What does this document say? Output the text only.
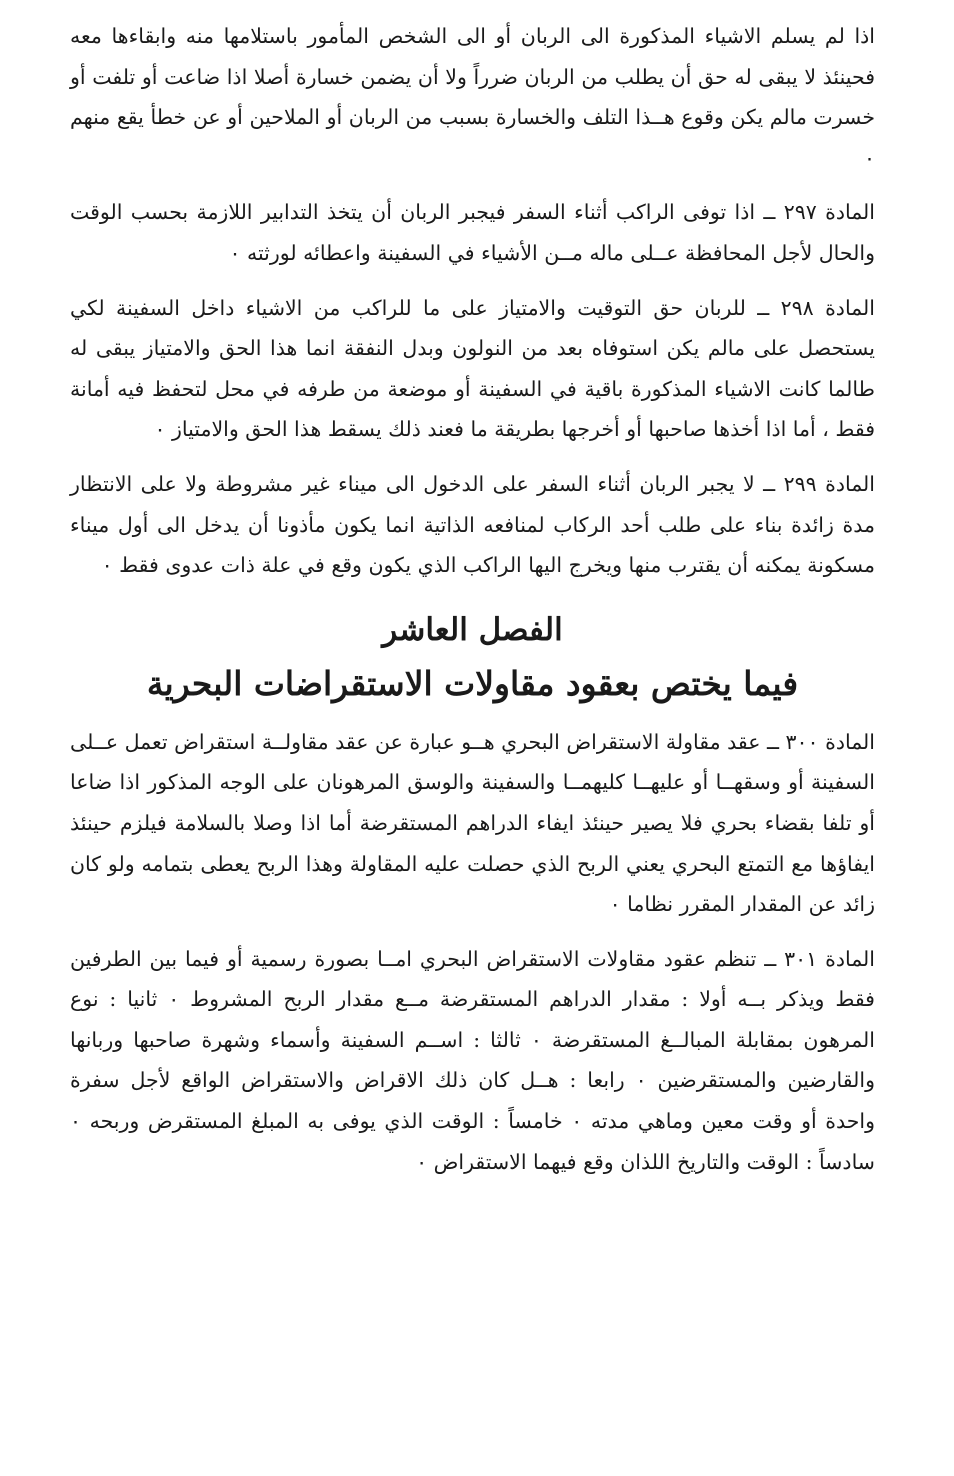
اذا لم يسلم الاشياء المذكورة الى الربان أو الى الشخص المأمور باستلامها منه وابقاءها معه فحينئذ لا يبقى له حق أن يطلب من الربان ضرراً ولا أن يضمن خسارة أصلا اذا ضاعت أو تلفت أو خسرت مالم يكن وقوع هــذا التلف والخسارة بسبب من الربان أو الملاحين أو عن خطأ يقع منهم ٠

المادة ٢٩٧ ــ اذا توفى الراكب أثناء السفر فيجبر الربان أن يتخذ التدابير اللازمة بحسب الوقت والحال لأجل المحافظة عــلى ماله مــن الأشياء في السفينة واعطائه لورثته ٠

المادة ٢٩٨ ــ للربان حق التوقيت والامتياز على ما للراكب من الاشياء داخل السفينة لكي يستحصل على مالم يكن استوفاه بعد من النولون وبدل النفقة انما هذا الحق والامتياز يبقى له طالما كانت الاشياء المذكورة باقية في السفينة أو موضعة من طرفه في محل لتحفظ فيه أمانة فقط ، أما اذا أخذها صاحبها أو أخرجها بطريقة ما فعند ذلك يسقط هذا الحق والامتياز ٠

المادة ٢٩٩ ــ لا يجبر الربان أثناء السفر على الدخول الى ميناء غير مشروطة ولا على الانتظار مدة زائدة بناء على طلب أحد الركاب لمنافعه الذاتية انما يكون مأذونا أن يدخل الى أول ميناء مسكونة يمكنه أن يقترب منها ويخرج اليها الراكب الذي يكون وقع في علة ذات عدوى فقط ٠

الفصل العاشر
فيما يختص بعقود مقاولات الاستقراضات البحرية

المادة ٣٠٠ ــ عقد مقاولة الاستقراض البحري هــو عبارة عن عقد مقاولــة استقراض تعمل عــلى السفينة أو وسقهــا أو عليهــا كليهمــا والسفينة والوسق المرهونان على الوجه المذكور اذا ضاعا أو تلفا بقضاء بحري فلا يصير حينئذ ايفاء الدراهم المستقرضة أما اذا وصلا بالسلامة فيلزم حينئذ ايفاؤها مع التمتع البحري يعني الربح الذي حصلت عليه المقاولة وهذا الربح يعطى بتمامه ولو كان زائد عن المقدار المقرر نظاما ٠

المادة ٣٠١ ــ تنظم عقود مقاولات الاستقراض البحري امــا بصورة رسمية أو فيما بين الطرفين فقط ويذكر بــه أولا : مقدار الدراهم المستقرضة مــع مقدار الربح المشروط ٠ ثانيا : نوع المرهون بمقابلة المبالــغ المستقرضة ٠ ثالثا : اســم السفينة وأسماء وشهرة صاحبها وربانها والقارضين والمستقرضين ٠ رابعا : هــل كان ذلك الاقراض والاستقراض الواقع لأجل سفرة واحدة أو وقت معين وماهي مدته ٠ خامساً : الوقت الذي يوفى به المبلغ المستقرض وربحه ٠ سادساً : الوقت والتاريخ اللذان وقع فيهما الاستقراض ٠
